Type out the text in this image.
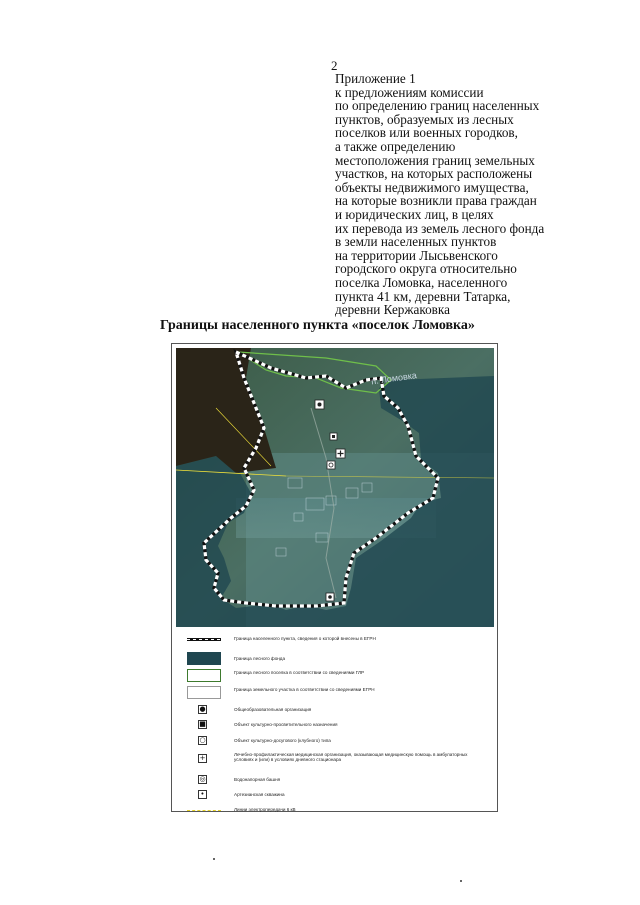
2
Приложение 1
к предложениям комиссии
по определению границ населенных
пунктов, образуемых из лесных
поселков или военных городков,
а также определению
местоположения границ земельных
участков, на которых расположены
объекты недвижимого имущества,
на которые возникли права граждан
и юридических лиц, в целях
их перевода из земель лесного фонда
в земли населенных пунктов
на территории Лысьвенского
городского округа относительно
поселка Ломовка, населенного
пункта 41 км, деревни Татарка,
деревни Кержаковка
Границы населенного пункта «поселок Ломовка»
п. Ломовка
Граница населенного пункта, сведения о которой внесены в ЕГРН
Граница лесного фонда
Граница лесного поселка в соответствии со сведениями ГЛР
Граница земельного участка в соответствии со сведениями ЕГРН
●	Общеобразовательная организация
■	Объект культурно-просветительного назначения
○	Объект культурно-досугового (клубного) типа
+	Лечебно-профилактическая медицинская организация, оказывающая медицинскую помощь в амбулаторных условиях и (или) в условиях дневного стационара
◎	Водонапорная башня
•	Артезианская скважина
Линии электропередачи 6 кВ
